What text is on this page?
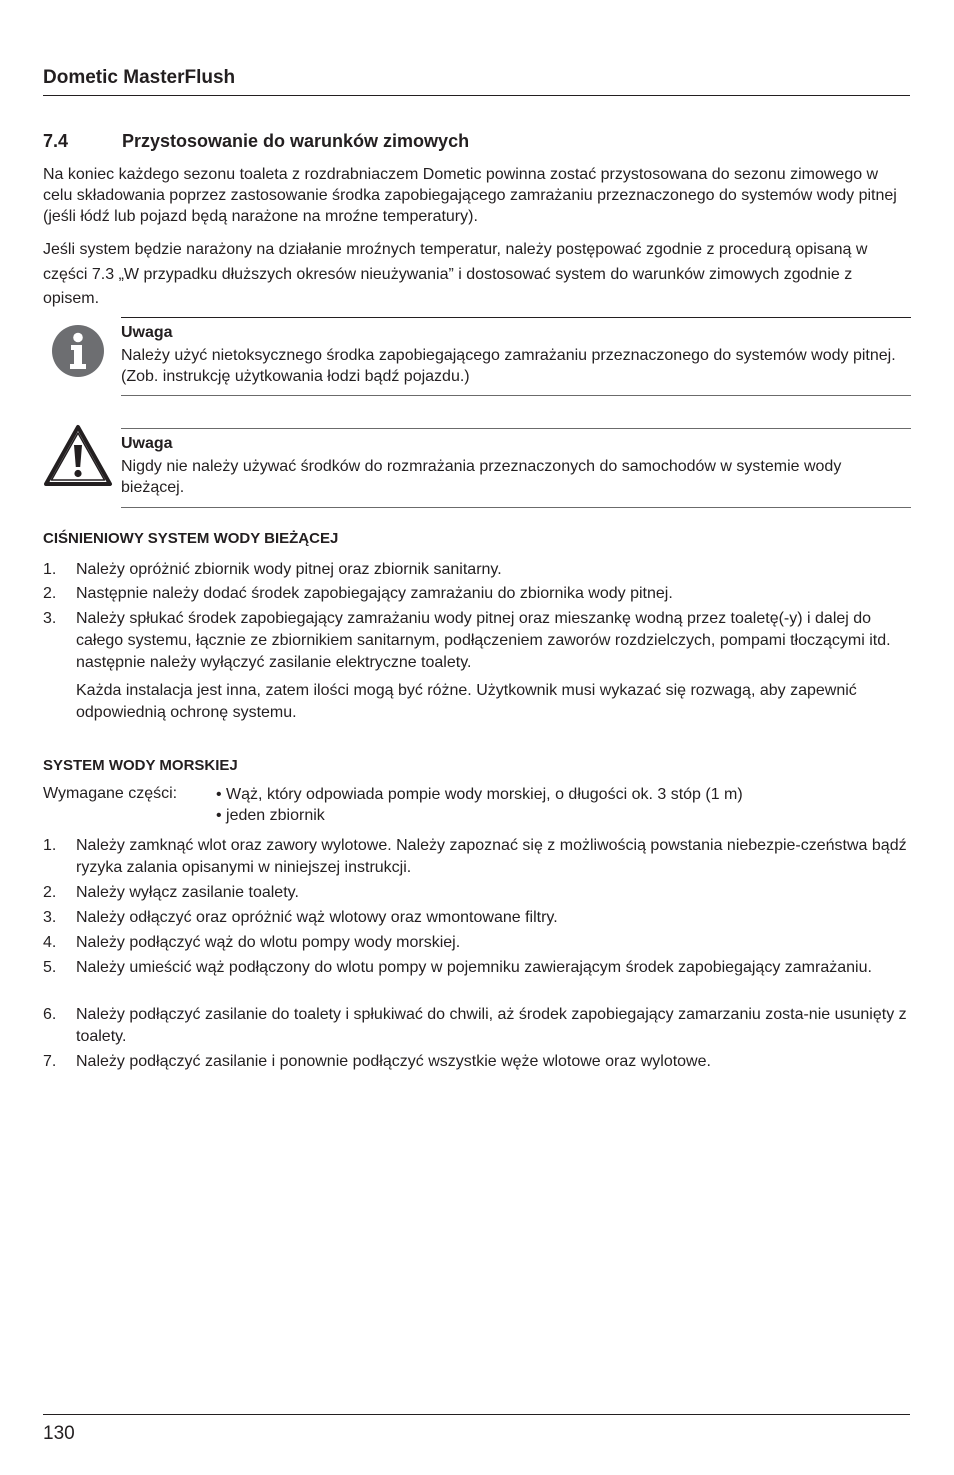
Dometic MasterFlush
7.4	Przystosowanie do warunków zimowych
Na koniec każdego sezonu toaleta z rozdrabniaczem Dometic powinna zostać przystosowana do sezonu zimowego w celu składowania poprzez zastosowanie środka zapobiegającego zamrażaniu przeznaczonego do systemów wody pitnej (jeśli łódź lub pojazd będą narażone na mroźne temperatury).
Jeśli system będzie narażony na działanie mroźnych temperatur, należy postępować zgodnie z procedurą opisaną w części 7.3 „W przypadku dłuższych okresów nieużywania” i dostosować system do warunków zimowych zgodnie z opisem.
Uwaga
Należy użyć nietoksycznego środka zapobiegającego zamrażaniu przeznaczonego do systemów wody pitnej. (Zob. instrukcję użytkowania łodzi bądź pojazdu.)
Uwaga
Nigdy nie należy używać środków do rozmrażania przeznaczonych do samochodów w systemie wody bieżącej.
CIŚNIENIOWY SYSTEM WODY BIEŻĄCEJ
1. Należy opróżnić zbiornik wody pitnej oraz zbiornik sanitarny.
2. Następnie należy dodać środek zapobiegający zamrażaniu do zbiornika wody pitnej.
3. Należy spłukać środek zapobiegający zamrażaniu wody pitnej oraz mieszankę wodną przez toaletę(-y) i dalej do całego systemu, łącznie ze zbiornikiem sanitarnym, podłączeniem zaworów rozdzielczych, pompami tłoczącymi itd. następnie należy wyłączyć zasilanie elektryczne toalety.
Każda instalacja jest inna, zatem ilości mogą być różne. Użytkownik musi wykazać się rozwagą, aby zapewnić odpowiednią ochronę systemu.
SYSTEM WODY MORSKIEJ
Wymagane części: • Wąż, który odpowiada pompie wody morskiej, o długości ok. 3 stóp (1 m)
• jeden zbiornik
1. Należy zamknąć wlot oraz zawory wylotowe. Należy zapoznać się z możliwością powstania niebezpie-czeństwa bądź ryzyka zalania opisanymi w niniejszej instrukcji.
2. Należy wyłącz zasilanie toalety.
3. Należy odłączyć oraz opróżnić wąż wlotowy oraz wmontowane filtry.
4. Należy podłączyć wąż do wlotu pompy wody morskiej.
5. Należy umieścić wąż podłączony do wlotu pompy w pojemniku zawierającym środek zapobiegający zamrażaniu.
6. Należy podłączyć zasilanie do toalety i spłukiwać do chwili, aż środek zapobiegający zamarzaniu zosta-nie usunięty z toalety.
7. Należy podłączyć zasilanie i ponownie podłączyć wszystkie węże wlotowe oraz wylotowe.
130
